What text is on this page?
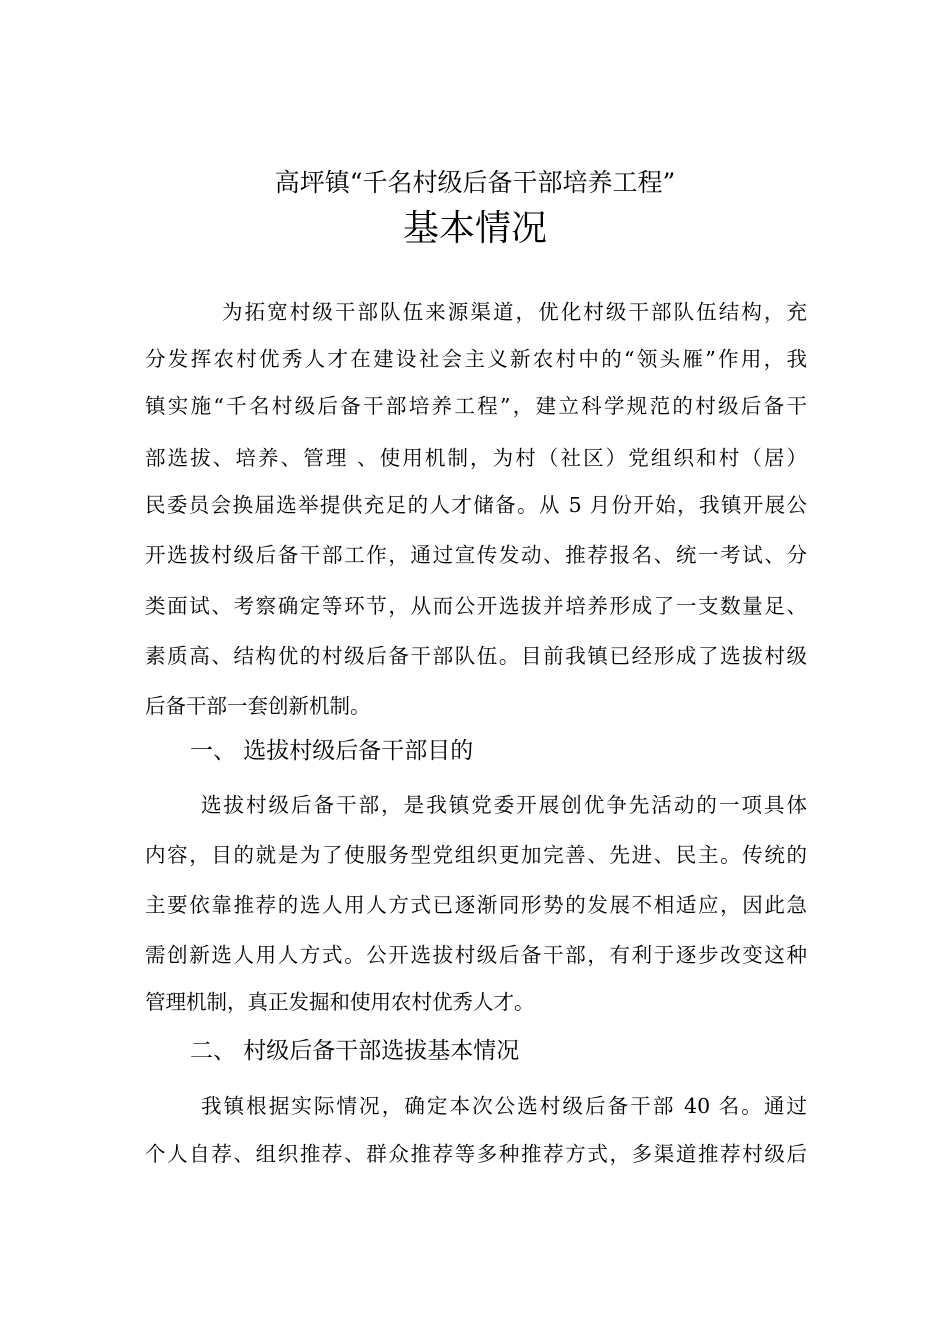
高坪镇“千名村级后备干部培养工程”
基本情况
为拓宽村级干部队伍来源渠道，优化村级干部队伍结构，充
分发挥农村优秀人才在建设社会主义新农村中的“领头雁”作用，我
镇实施“千名村级后备干部培养工程”，建立科学规范的村级后备干
部选拔、培养、管理 、使用机制，为村（社区）党组织和村（居）
民委员会换届选举提供充足的人才储备。从 5 月份开始，我镇开展公
开选拔村级后备干部工作，通过宣传发动、推荐报名、统一考试、分
类面试、考察确定等环节，从而公开选拔并培养形成了一支数量足、
素质高、结构优的村级后备干部队伍。目前我镇已经形成了选拔村级
后备干部一套创新机制。
一、 选拔村级后备干部目的
选拔村级后备干部，是我镇党委开展创优争先活动的一项具体
内容，目的就是为了使服务型党组织更加完善、先进、民主。传统的
主要依靠推荐的选人用人方式已逐渐同形势的发展不相适应，因此急
需创新选人用人方式。公开选拔村级后备干部，有利于逐步改变这种
管理机制，真正发掘和使用农村优秀人才。
二、 村级后备干部选拔基本情况
我镇根据实际情况，确定本次公选村级后备干部 40 名。通过
个人自荐、组织推荐、群众推荐等多种推荐方式，多渠道推荐村级后
